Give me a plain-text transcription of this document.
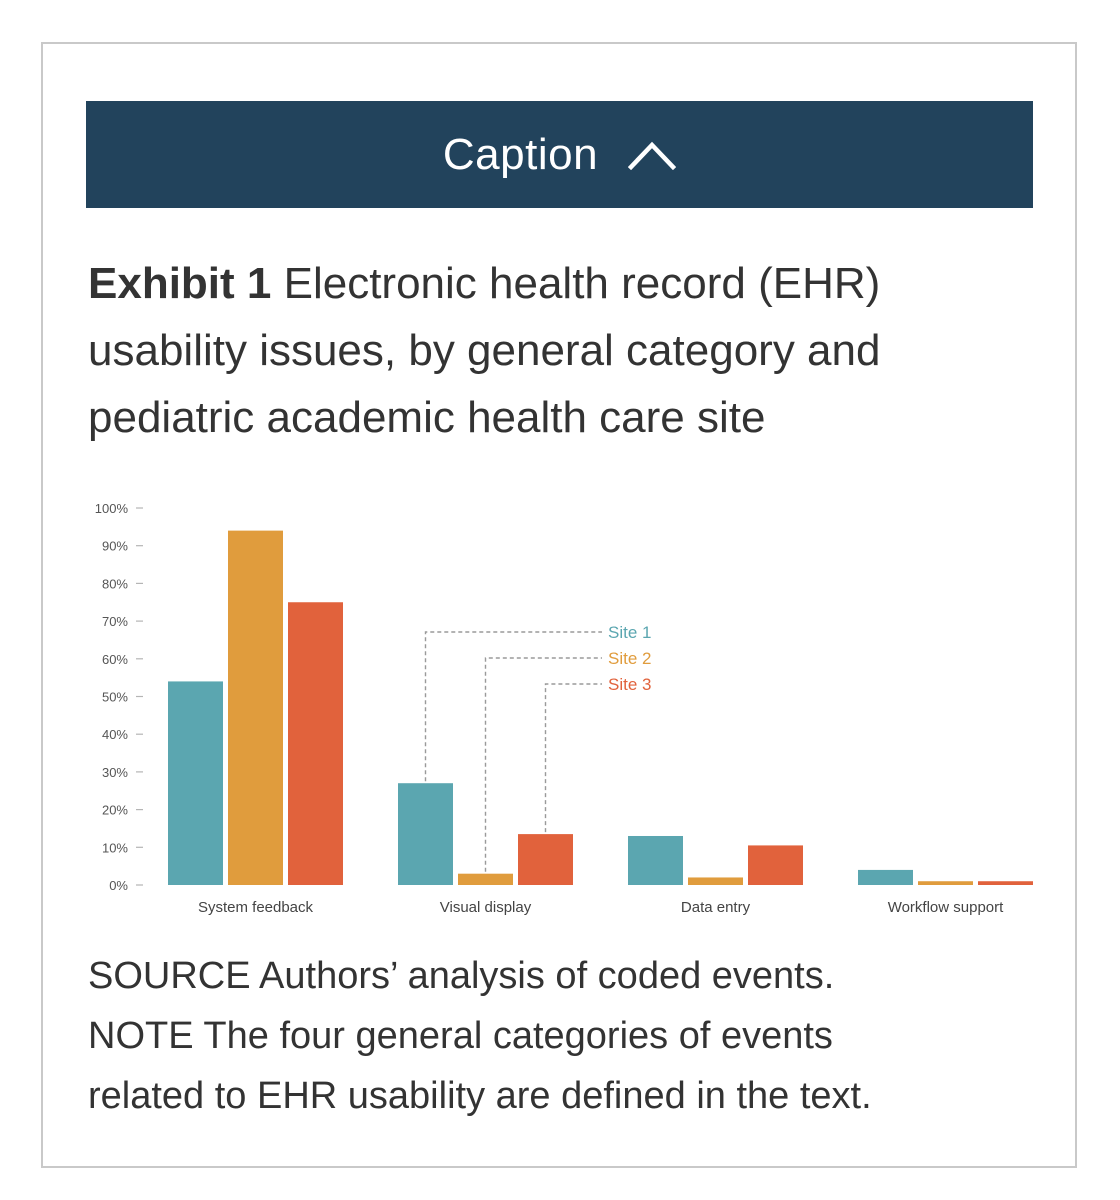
Caption
Exhibit 1 Electronic health record (EHR) usability issues, by general category and pediatric academic health care site
0%
10%
20%
30%
40%
50%
60%
70%
80%
90%
100%
System feedback	Visual display	Data entry	Workflow support
Site 1
Site 2
Site 3
SOURCE Authors’ analysis of coded events.
NOTE The four general categories of events
related to EHR usability are defined in the text.
